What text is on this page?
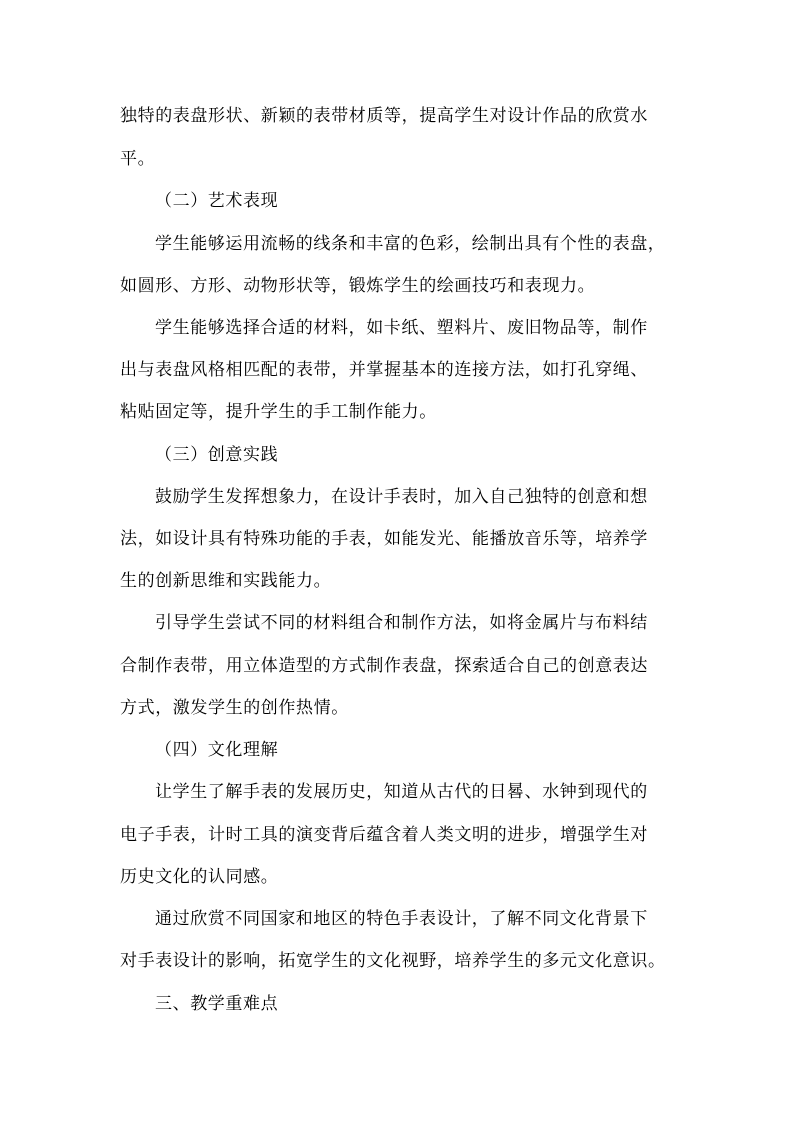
独特的表盘形状、新颖的表带材质等，提高学生对设计作品的欣赏水
平。
（二）艺术表现
学生能够运用流畅的线条和丰富的色彩，绘制出具有个性的表盘，
如圆形、方形、动物形状等，锻炼学生的绘画技巧和表现力。
学生能够选择合适的材料，如卡纸、塑料片、废旧物品等，制作
出与表盘风格相匹配的表带，并掌握基本的连接方法，如打孔穿绳、
粘贴固定等，提升学生的手工制作能力。
（三）创意实践
鼓励学生发挥想象力，在设计手表时，加入自己独特的创意和想
法，如设计具有特殊功能的手表，如能发光、能播放音乐等，培养学
生的创新思维和实践能力。
引导学生尝试不同的材料组合和制作方法，如将金属片与布料结
合制作表带，用立体造型的方式制作表盘，探索适合自己的创意表达
方式，激发学生的创作热情。
（四）文化理解
让学生了解手表的发展历史，知道从古代的日晷、水钟到现代的
电子手表，计时工具的演变背后蕴含着人类文明的进步，增强学生对
历史文化的认同感。
通过欣赏不同国家和地区的特色手表设计，了解不同文化背景下
对手表设计的影响，拓宽学生的文化视野，培养学生的多元文化意识。
三、教学重难点
